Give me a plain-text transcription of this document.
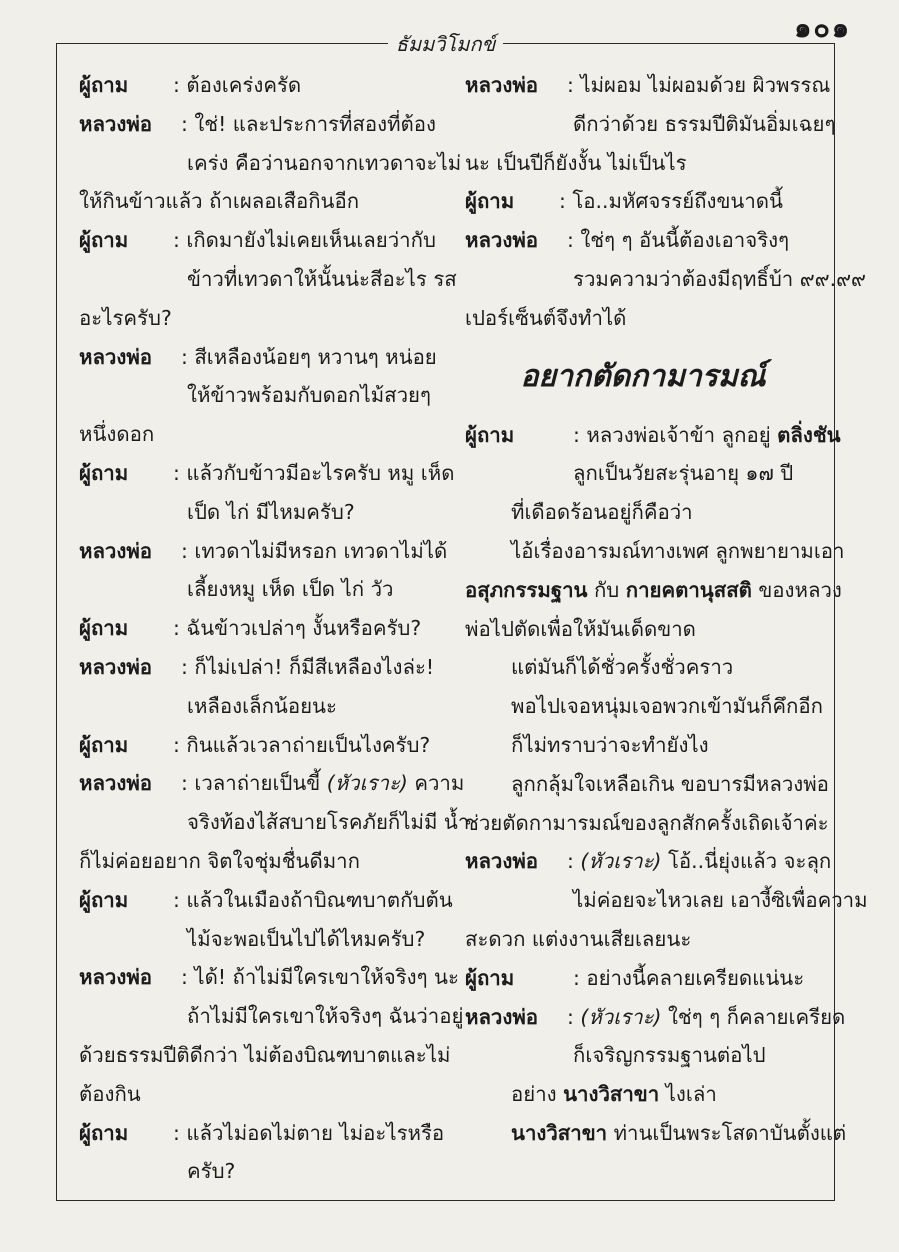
๑๐๑
ธัมมวิโมกข์
ผู้ถาม : ต้องเคร่งครัด
หลวงพ่อ : ใช่! และประการที่สองที่ต้อง
เคร่ง คือว่านอกจากเทวดาจะไม่
ให้กินข้าวแล้ว ถ้าเผลอเสือกินอีก
ผู้ถาม : เกิดมายังไม่เคยเห็นเลยว่ากับ
ข้าวที่เทวดาให้นั้นน่ะสีอะไร รส
อะไรครับ?
หลวงพ่อ : สีเหลืองน้อยๆ หวานๆ หน่อย
ให้ข้าวพร้อมกับดอกไม้สวยๆ
หนึ่งดอก
ผู้ถาม : แล้วกับข้าวมีอะไรครับ หมู เห็ด
เป็ด ไก่ มีไหมครับ?
หลวงพ่อ : เทวดาไม่มีหรอก เทวดาไม่ได้
เลี้ยงหมู เห็ด เป็ด ไก่ วัว
ผู้ถาม : ฉันข้าวเปล่าๆ งั้นหรือครับ?
หลวงพ่อ : ก็ไม่เปล่า! ก็มีสีเหลืองไงล่ะ!
เหลืองเล็กน้อยนะ
ผู้ถาม : กินแล้วเวลาถ่ายเป็นไงครับ?
หลวงพ่อ : เวลาถ่ายเป็นขี้ (หัวเราะ) ความ
จริงท้องไส้สบายโรคภัยก็ไม่มี น้ำ
ก็ไม่ค่อยอยาก จิตใจชุ่มชื่นดีมาก
ผู้ถาม : แล้วในเมืองถ้าบิณฑบาตกับต้น
ไม้จะพอเป็นไปได้ไหมครับ?
หลวงพ่อ : ได้! ถ้าไม่มีใครเขาให้จริงๆ นะ
ถ้าไม่มีใครเขาให้จริงๆ ฉันว่าอยู่
ด้วยธรรมปีติดีกว่า ไม่ต้องบิณฑบาตและไม่
ต้องกิน
ผู้ถาม : แล้วไม่อดไม่ตาย ไม่อะไรหรือ
ครับ?
หลวงพ่อ : ไม่ผอม ไม่ผอมด้วย ผิวพรรณ
ดีกว่าด้วย ธรรมปีติมันอิ่มเฉยๆ
นะ เป็นปีก็ยังงั้น ไม่เป็นไร
ผู้ถาม : โอ..มหัศจรรย์ถึงขนาดนี้
หลวงพ่อ : ใช่ๆ ๆ อันนี้ต้องเอาจริงๆ
รวมความว่าต้องมีฤทธิ์บ้า ๙๙.๙๙
เปอร์เซ็นต์จึงทำได้
อยากตัดกามารมณ์
ผู้ถาม	: หลวงพ่อเจ้าข้า ลูกอยู่ ตลิ่งชัน
ลูกเป็นวัยสะรุ่นอายุ ๑๗ ปี
ที่เดือดร้อนอยู่ก็คือว่า
ไอ้เรื่องอารมณ์ทางเพศ ลูกพยายามเอา
อสุภกรรมฐาน กับ กายคตานุสสติ ของหลวง
พ่อไปตัดเพื่อให้มันเด็ดขาด
แต่มันก็ได้ชั่วครั้งชั่วคราว
พอไปเจอหนุ่มเจอพวกเข้ามันก็คึกอีก
ก็ไม่ทราบว่าจะทำยังไง
ลูกกลุ้มใจเหลือเกิน ขอบารมีหลวงพ่อ
ช่วยตัดกามารมณ์ของลูกสักครั้งเถิดเจ้าค่ะ
หลวงพ่อ : (หัวเราะ) โอ้..นี่ยุ่งแล้ว จะลุก
ไม่ค่อยจะไหวเลย เอางี้ซิเพื่อความ
สะดวก แต่งงานเสียเลยนะ
ผู้ถาม	: อย่างนี้คลายเครียดแน่นะ
หลวงพ่อ : (หัวเราะ) ใช่ๆ ๆ ก็คลายเครียด
ก็เจริญกรรมฐานต่อไป
อย่าง นางวิสาขา ไงเล่า
นางวิสาขา ท่านเป็นพระโสดาบันตั้งแต่
